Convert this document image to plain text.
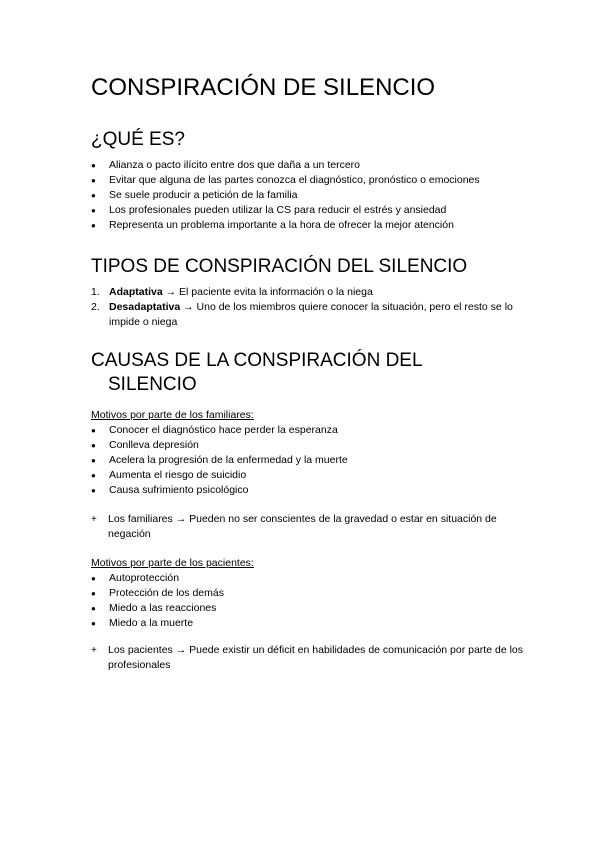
CONSPIRACIÓN DE SILENCIO
¿QUÉ ES?
● Alianza o pacto ilícito entre dos que daña a un tercero
● Evitar que alguna de las partes conozca el diagnóstico, pronóstico o emociones
● Se suele producir a petición de la familia
● Los profesionales pueden utilizar la CS para reducir el estrés y ansiedad
● Representa un problema importante a la hora de ofrecer la mejor atención
TIPOS DE CONSPIRACIÓN DEL SILENCIO
1. Adaptativa → El paciente evita la información o la niega
2. Desadaptativa → Uno de los miembros quiere conocer la situación, pero el resto se lo impide o niega
CAUSAS DE LA CONSPIRACIÓN DEL
SILENCIO
Motivos por parte de los familiares:
● Conocer el diagnóstico hace perder la esperanza
● Conlleva depresión
● Acelera la progresión de la enfermedad y la muerte
● Aumenta el riesgo de suicidio
● Causa sufrimiento psicológico
+ Los familiares → Pueden no ser conscientes de la gravedad o estar en situación de negación
Motivos por parte de los pacientes:
● Autoprotección
● Protección de los demás
● Miedo a las reacciones
● Miedo a la muerte
+ Los pacientes → Puede existir un déficit en habilidades de comunicación por parte de los profesionales
